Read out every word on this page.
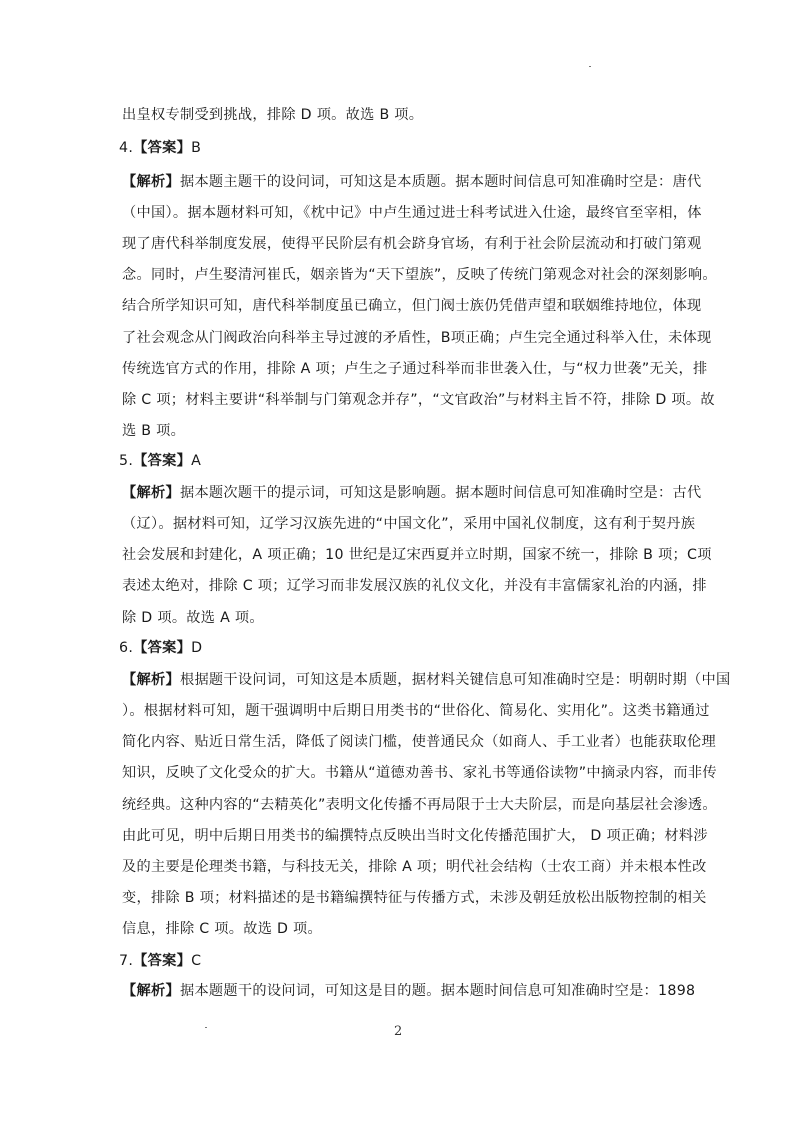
出皇权专制受到挑战，排除 D 项。故选 B 项。
4.【答案】B
【解析】据本题主题干的设问词，可知这是本质题。据本题时间信息可知准确时空是：唐代
（中国）。据本题材料可知，《枕中记》中卢生通过进士科考试进入仕途，最终官至宰相，体
现了唐代科举制度发展，使得平民阶层有机会跻身官场，有利于社会阶层流动和打破门第观
念。同时，卢生娶清河崔氏，姻亲皆为“天下望族”，反映了传统门第观念对社会的深刻影响。
结合所学知识可知，唐代科举制度虽已确立，但门阀士族仍凭借声望和联姻维持地位，体现
了社会观念从门阀政治向科举主导过渡的矛盾性，B项正确；卢生完全通过科举入仕，未体现
传统选官方式的作用，排除 A 项；卢生之子通过科举而非世袭入仕，与“权力世袭”无关，排
除 C 项；材料主要讲“科举制与门第观念并存”，“文官政治”与材料主旨不符，排除 D 项。故
选 B 项。
5.【答案】A
【解析】据本题次题干的提示词，可知这是影响题。据本题时间信息可知准确时空是：古代
（辽）。据材料可知，辽学习汉族先进的“中国文化”，采用中国礼仪制度，这有利于契丹族
社会发展和封建化，A 项正确；10 世纪是辽宋西夏并立时期，国家不统一，排除 B 项；C项
表述太绝对，排除 C 项；辽学习而非发展汉族的礼仪文化，并没有丰富儒家礼治的内涵，排
除 D 项。故选 A 项。
6.【答案】D
【解析】根据题干设问词，可知这是本质题，据材料关键信息可知准确时空是：明朝时期（中国
）。根据材料可知，题干强调明中后期日用类书的“世俗化、简易化、实用化”。这类书籍通过
简化内容、贴近日常生活，降低了阅读门槛，使普通民众（如商人、手工业者）也能获取伦理
知识，反映了文化受众的扩大。书籍从“道德劝善书、家礼书等通俗读物”中摘录内容，而非传
统经典。这种内容的“去精英化”表明文化传播不再局限于士大夫阶层，而是向基层社会渗透。
由此可见，明中后期日用类书的编撰特点反映出当时文化传播范围扩大， D 项正确；材料涉
及的主要是伦理类书籍，与科技无关，排除 A 项；明代社会结构（士农工商）并未根本性改
变，排除 B 项；材料描述的是书籍编撰特征与传播方式，未涉及朝廷放松出版物控制的相关
信息，排除 C 项。故选 D 项。
7.【答案】C
【解析】据本题题干的设问词，可知这是目的题。据本题时间信息可知准确时空是：1898
2
